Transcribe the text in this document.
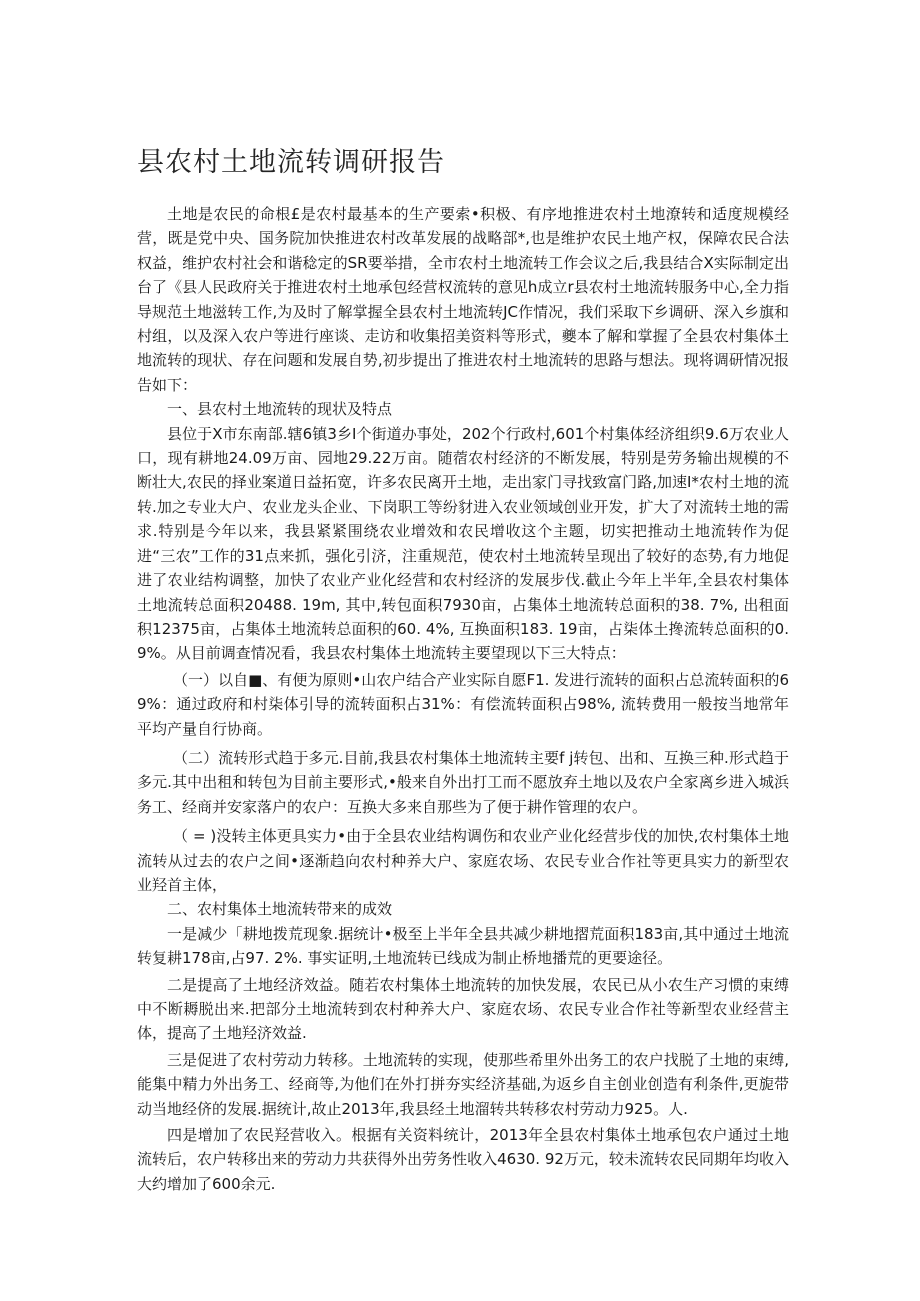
县农村土地流转调研报告

土地是农民的命根£是农村最基本的生产要索•积极、有序地推进农村土地潦转和适度规模经营，既是党中央、国务院加快推进农村改革发展的战略部*,也是维护农民土地产权，保障农民合法权益，维护农村社会和谐稔定的SR要举措，全市农村土地流转工作会议之后,我县结合X实际制定出台了《县人民政府关于推进农村土地承包经营权流转的意见h成立r县农村土地流转服务中心,全力指导规范土地滋转工作,为及时了解掌握全县农村土地流转JC作情况，我们采取下乡调研、深入乡旗和村组，以及深入农户等进行座谈、走访和收集招美资料等形式，夔本了解和掌握了全县农村集体土地流转的现状、存在问题和发展自势,初步提出了推进农村土地流转的思路与想法。现将调研情况报告如下：

一、县农村土地流转的现状及特点

县位于X市东南部.辖6镇3乡I个街道办事处，202个行政村,601个村集体经济组织9.6万农业人口，现有耕地24.09万亩、园地29.22万亩。随蓿农村经济的不断发展，特别是劳务输出规模的不断壮大,农民的择业案道日益拓宽，许多农民离开土地，走出家门寻找致富门路,加速I*农村土地的流转.加之专业大户、农业龙头企业、下岗职工等纷豺进入农业领域创业开发，扩大了对流转土地的需求.特别是今年以来，我县紧紧围绕农业增效和农民增收这个主题，切实把推动土地流转作为促进“三农”工作的31点来抓，强化引济，注重规范，使农村土地流转呈现出了较好的态势,有力地促进了农业结构调整，加快了农业产业化经营和农村经济的发展步伐.截止今年上半年,全县农村集体土地流转总面积20488. 19m, 其中,转包面积7930亩，占集体土地流转总面积的38. 7%, 出租面积12375亩，占集体土地流转总面积的60. 4%, 互换面积183. 19亩，占柒体土搀流转总面积的0. 9%。从目前调查情况看，我县农村集体土地流转主要望现以下三大特点：

（一）以自■、有便为原则•山农户结合产业实际自愿F1. 发进行流转的面积占总流转面积的69%：通过政府和村柒体引导的流转面积占31%：有偿流转面积占98%, 流转费用一般按当地常年平均产量自行协商。

（二）流转形式趋于多元.目前,我县农村集体土地流转主要f j转包、出和、互换三种.形式趋于多元.其中出租和转包为目前主要形式,•般来自外出打工而不愿放弃土地以及农户全家离乡进入城浜务工、经商并安家落户的农户：互换大多来自那些为了便于耕作管理的农户。

（ = )没转主体更具实力•由于全县农业结构调伤和农业产业化经营步伐的加快,农村集体土地流转从过去的农户之间•逐渐趋向农村种养大户、家庭农场、农民专业合作社等更具实力的新型农业羟首主体，

二、农村集体土地流转带来的成效

一是减少「耕地拨荒现象.据统计•极至上半年全县共减少耕地摺荒面积183亩,其中通过土地流转复耕178亩,占97. 2%. 事实证明,土地流转已线成为制止桥地播荒的更要途径。

二是提高了土地经济效益。随若农村集体土地流转的加快发展，农民已从小农生产习惯的束缚中不断耨脱出来.把部分土地流转到农村种养大户、家庭农场、农民专业合作社等新型农业经营主体，提高了土地羟济效益.

三是促进了农村劳动力转移。土地流转的实现，使那些希里外出务工的农户找脱了土地的束缚,能集中精力外出务工、经商等,为他们在外打拼夯实经济基础,为返乡自主创业创造有利条件,更旎带动当地经侪的发展.据统计,故止2013年,我县经土地溜转共转移农村劳动力925。人.

四是增加了农民羟营收入。根据有关资料统计，2013年全县农村集体土地承包农户通过土地流转后，农户转移出来的劳动力共获得外出劳务性收入4630. 92万元，较未流转农民同期年均收入大约增加了600余元.
